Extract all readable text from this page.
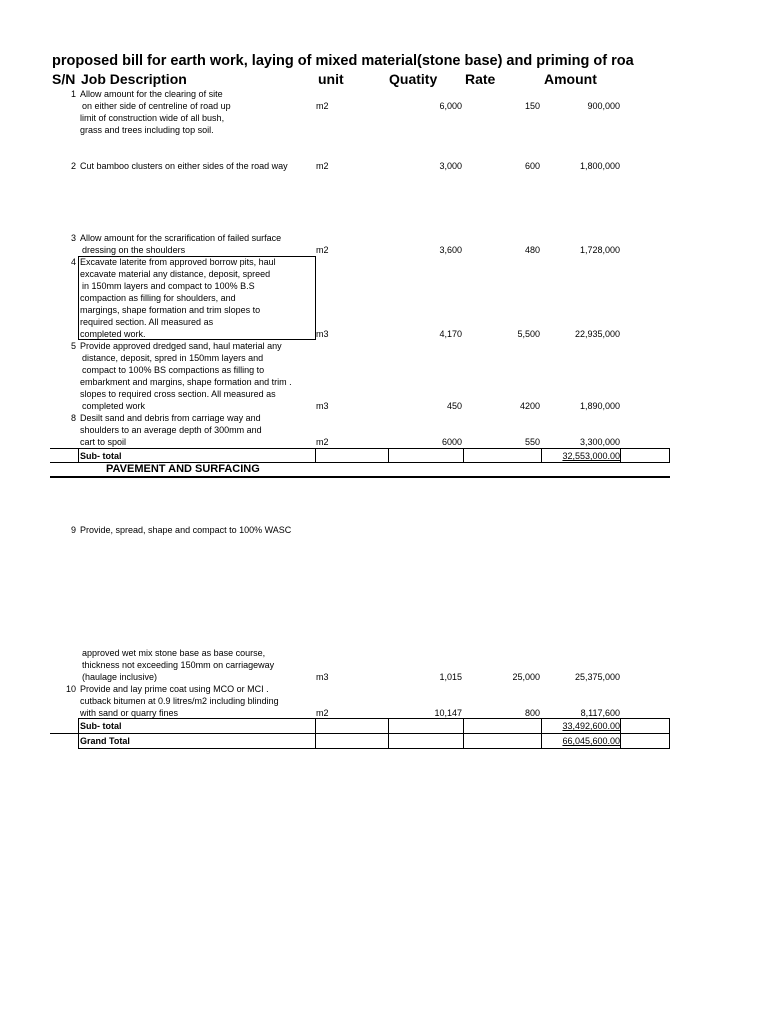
proposed bill for earth work, laying of mixed material(stone base) and priming of roa
S/N Job Description	unit	Quatity Rate	Amount
1 Allow amount for the clearing of site
on either side of centreline of road up
limit of construction wide of all bush,
grass and trees including top soil.
m2	6,000	150	900,000
2 Cut bamboo clusters on either sides of the road way	m2	3,000	600	1,800,000
3 Allow amount for the scrarification of failed surface
dressing on the shoulders	m2	3,600	480	1,728,000
4 Excavate laterite from approved borrow pits, haul
excavate material any distance, deposit, spreed
in 150mm layers and compact to 100% B.S
compaction as filling for shoulders, and
margings, shape formation and trim slopes to
required section. All measured as
completed work.	m3	4,170	5,500	22,935,000
5 Provide approved dredged sand, haul material any
distance, deposit, spred in 150mm layers and
compact to 100% BS compactions as filling to
embarkment and margins, shape formation and trim .
slopes to required cross section. All measured as
completed work	m3	450	4200	1,890,000
8 Desilt sand and debris from carriage way and
shoulders to an average depth of 300mm and
cart to spoil	m2	6000	550	3,300,000
Sub- total	32,553,000.00
PAVEMENT AND SURFACING
9 Provide, spread, shape and compact to 100% WASC
approved wet mix stone base as base course,
thickness not exceeding 150mm on carriageway
(haulage inclusive)	m3	1,015	25,000	25,375,000
10 Provide and lay prime coat using MCO or MCI .
cutback bitumen at 0.9 litres/m2 including blinding
with sand or quarry fines	m2	10,147	800	8,117,600
Sub- total	33,492,600.00
Grand Total	66,045,600.00
